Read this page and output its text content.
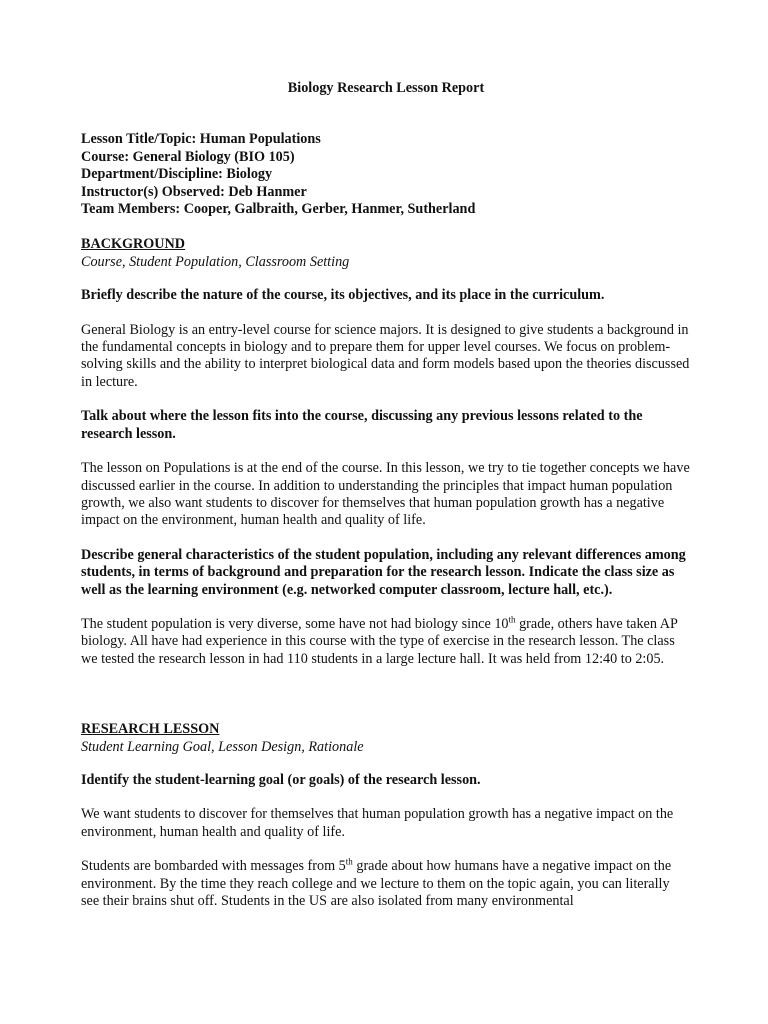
Biology Research Lesson Report

Lesson Title/Topic: Human Populations

Course: General Biology (BIO 105)

Department/Discipline: Biology

Instructor(s) Observed: Deb Hanmer

Team Members: Cooper, Galbraith, Gerber, Hanmer, Sutherland

BACKGROUND

Course, Student Population, Classroom Setting

Briefly describe the nature of the course, its objectives, and its place in the curriculum.

General Biology is an entry-level course for science majors. It is designed to give students a background in the fundamental concepts in biology and to prepare them for upper level courses. We focus on problem-solving skills and the ability to interpret biological data and form models based upon the theories discussed in lecture.

Talk about where the lesson fits into the course, discussing any previous lessons related to the research lesson.

The lesson on Populations is at the end of the course. In this lesson, we try to tie together concepts we have discussed earlier in the course. In addition to understanding the principles that impact human population growth, we also want students to discover for themselves that human population growth has a negative impact on the environment, human health and quality of life.

Describe general characteristics of the student population, including any relevant differences among students, in terms of background and preparation for the research lesson. Indicate the class size as well as the learning environment (e.g. networked computer classroom, lecture hall, etc.).

The student population is very diverse, some have not had biology since 10th grade, others have taken AP biology. All have had experience in this course with the type of exercise in the research lesson. The class we tested the research lesson in had 110 students in a large lecture hall. It was held from 12:40 to 2:05.

RESEARCH LESSON

Student Learning Goal, Lesson Design, Rationale

Identify the student-learning goal (or goals) of the research lesson.

We want students to discover for themselves that human population growth has a negative impact on the environment, human health and quality of life.

Students are bombarded with messages from 5th grade about how humans have a negative impact on the environment. By the time they reach college and we lecture to them on the topic again, you can literally see their brains shut off. Students in the US are also isolated from many environmental
